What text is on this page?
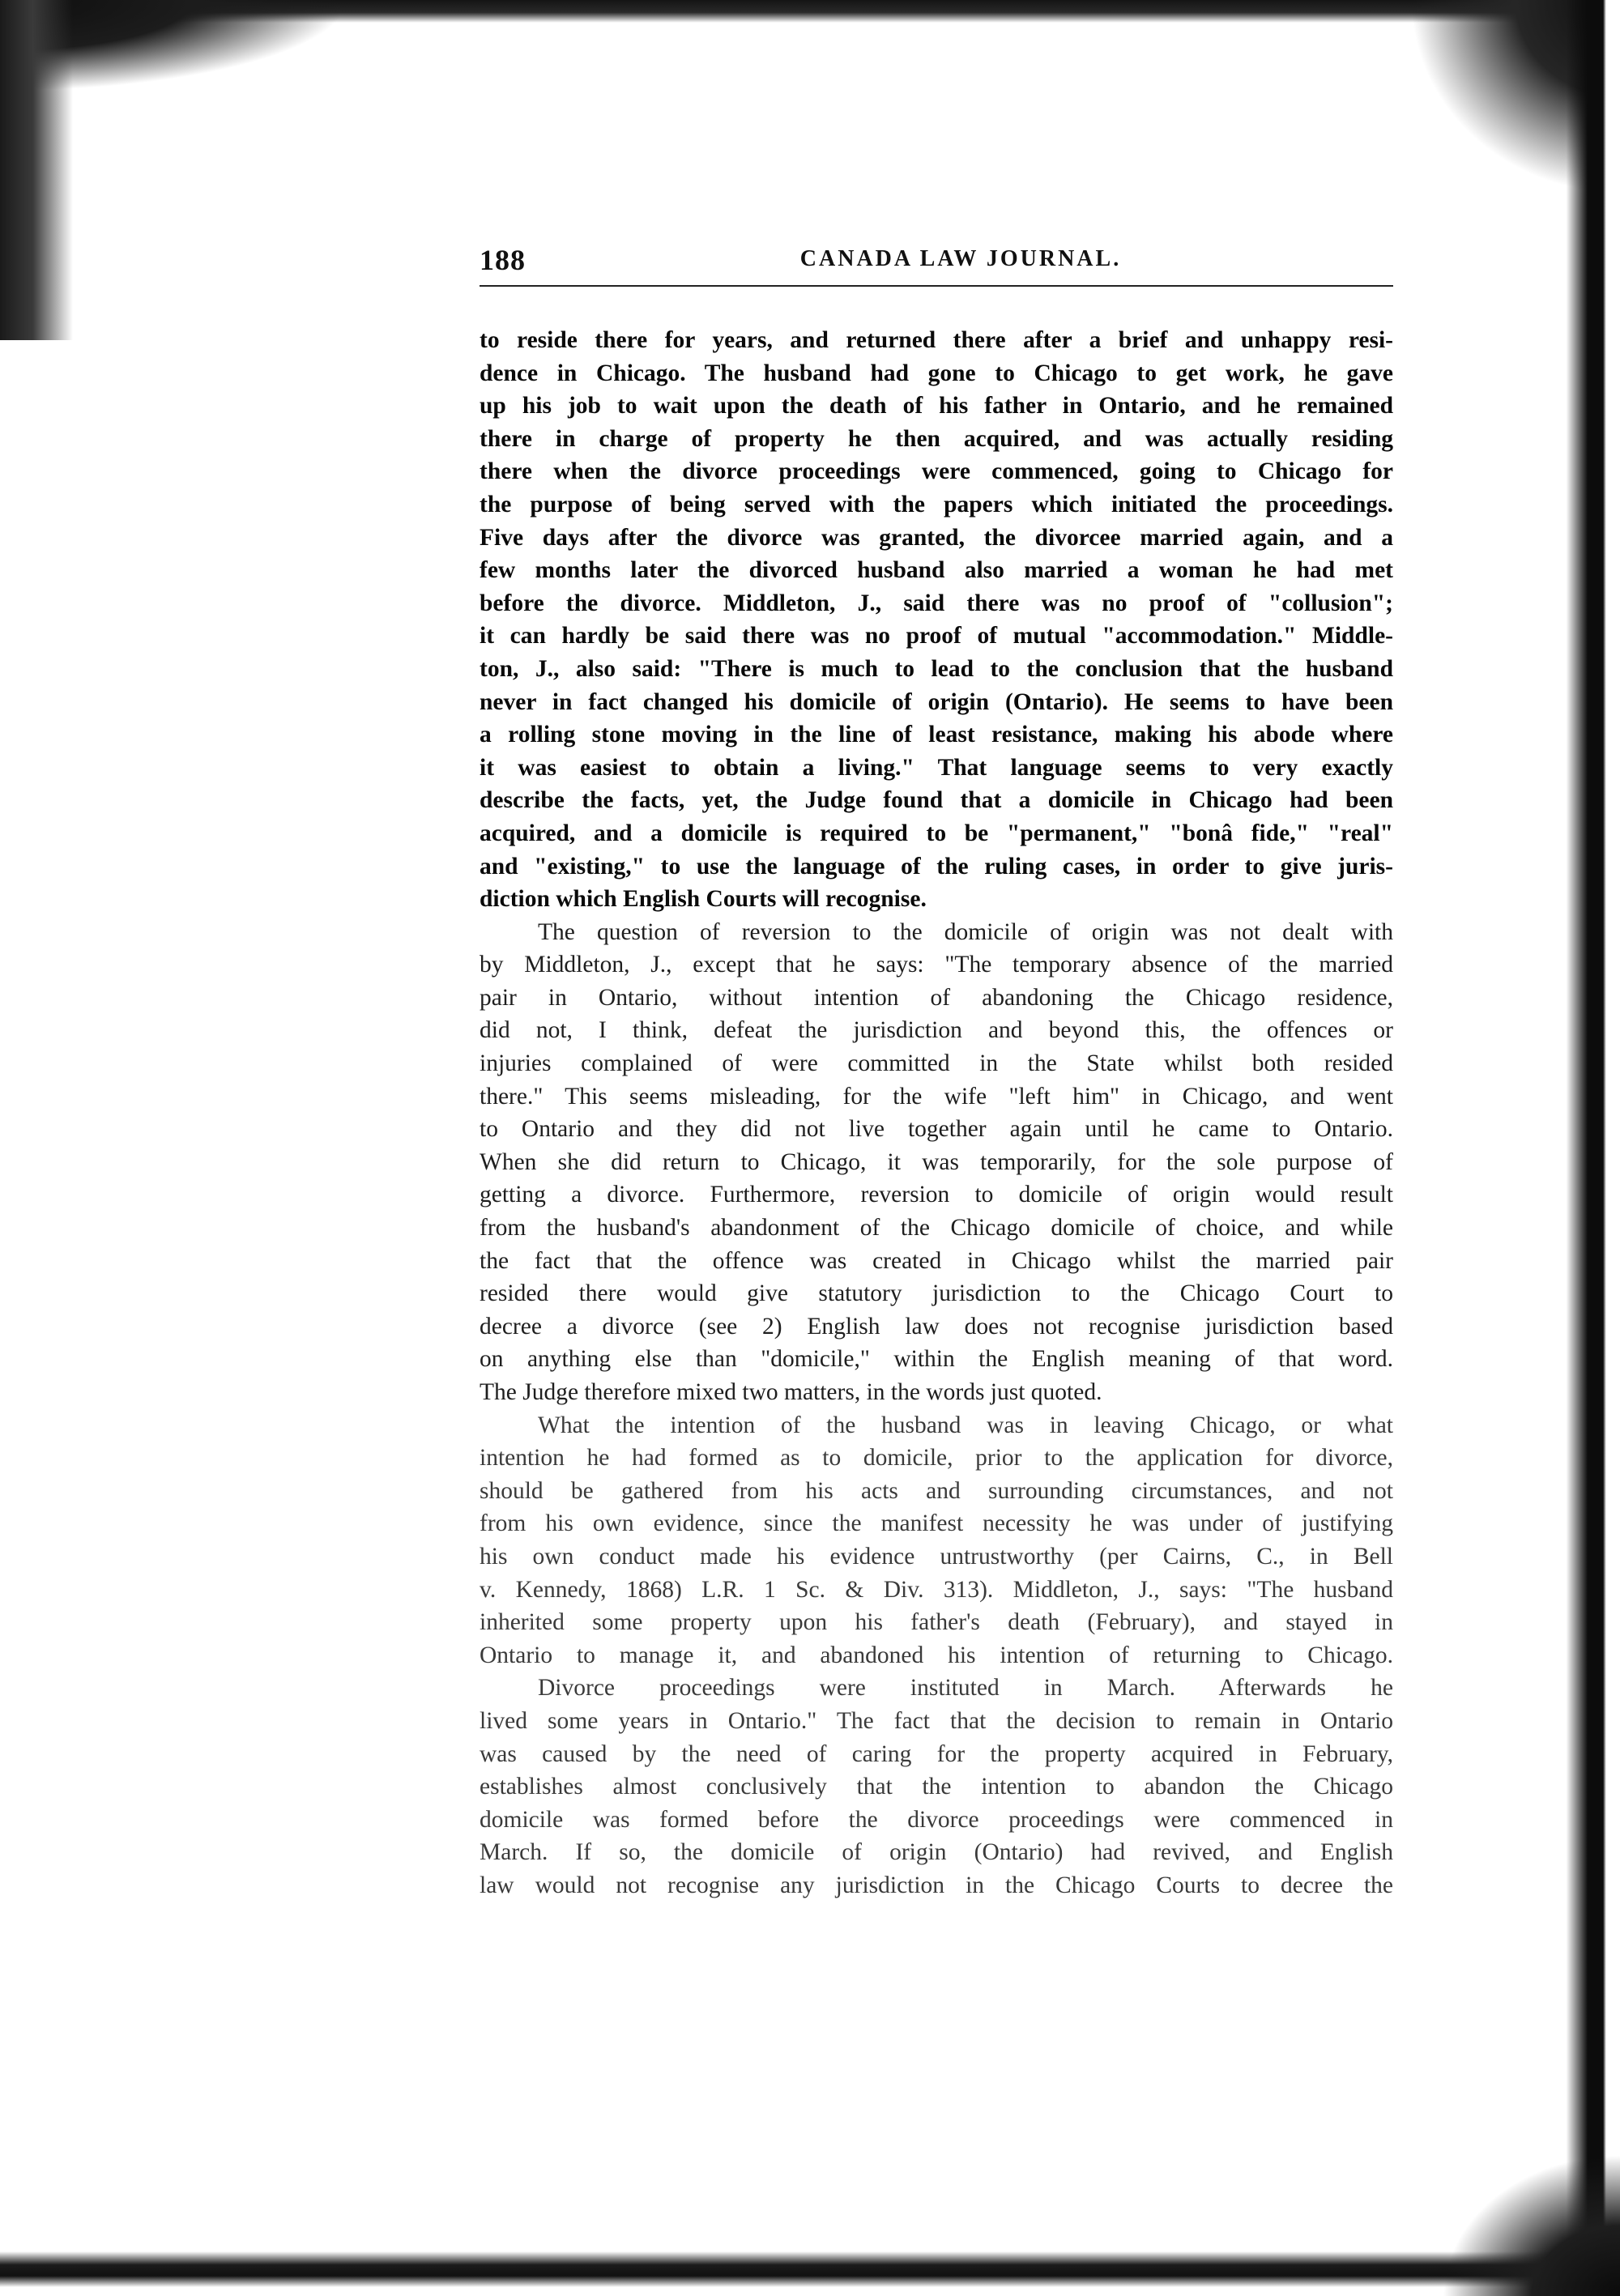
188	CANADA LAW JOURNAL.
to reside there for years, and returned there after a brief and unhappy resi-
dence in Chicago. The husband had gone to Chicago to get work, he gave
up his job to wait upon the death of his father in Ontario, and he remained
there in charge of property he then acquired, and was actually residing
there when the divorce proceedings were commenced, going to Chicago for
the purpose of being served with the papers which initiated the proceedings.
Five days after the divorce was granted, the divorcee married again, and a
few months later the divorced husband also married a woman he had met
before the divorce. Middleton, J., said there was no proof of "collusion";
it can hardly be said there was no proof of mutual "accommodation." Middle-
ton, J., also said: "There is much to lead to the conclusion that the husband
never in fact changed his domicile of origin (Ontario). He seems to have been
a rolling stone moving in the line of least resistance, making his abode where
it was easiest to obtain a living." That language seems to very exactly
describe the facts, yet, the Judge found that a domicile in Chicago had been
acquired, and a domicile is required to be "permanent," "bonâ fide," "real"
and "existing," to use the language of the ruling cases, in order to give juris-
diction which English Courts will recognise.
The question of reversion to the domicile of origin was not dealt with
by Middleton, J., except that he says: "The temporary absence of the married
pair in Ontario, without intention of abandoning the Chicago residence,
did not, I think, defeat the jurisdiction and beyond this, the offences or
injuries complained of were committed in the State whilst both resided
there." This seems misleading, for the wife "left him" in Chicago, and went
to Ontario and they did not live together again until he came to Ontario.
When she did return to Chicago, it was temporarily, for the sole purpose of
getting a divorce. Furthermore, reversion to domicile of origin would result
from the husband's abandonment of the Chicago domicile of choice, and while
the fact that the offence was created in Chicago whilst the married pair
resided there would give statutory jurisdiction to the Chicago Court to
decree a divorce (see 2) English law does not recognise jurisdiction based
on anything else than "domicile," within the English meaning of that word.
The Judge therefore mixed two matters, in the words just quoted.
What the intention of the husband was in leaving Chicago, or what
intention he had formed as to domicile, prior to the application for divorce,
should be gathered from his acts and surrounding circumstances, and not
from his own evidence, since the manifest necessity he was under of justifying
his own conduct made his evidence untrustworthy (per Cairns, C., in Bell
v. Kennedy, 1868) L.R. 1 Sc. & Div. 313). Middleton, J., says: "The husband
inherited some property upon his father's death (February), and stayed in
Ontario to manage it, and abandoned his intention of returning to Chicago.
Divorce proceedings were instituted in March. Afterwards he
lived some years in Ontario." The fact that the decision to remain in Ontario
was caused by the need of caring for the property acquired in February,
establishes almost conclusively that the intention to abandon the Chicago
domicile was formed before the divorce proceedings were commenced in
March. If so, the domicile of origin (Ontario) had revived, and English
law would not recognise any jurisdiction in the Chicago Courts to decree the
